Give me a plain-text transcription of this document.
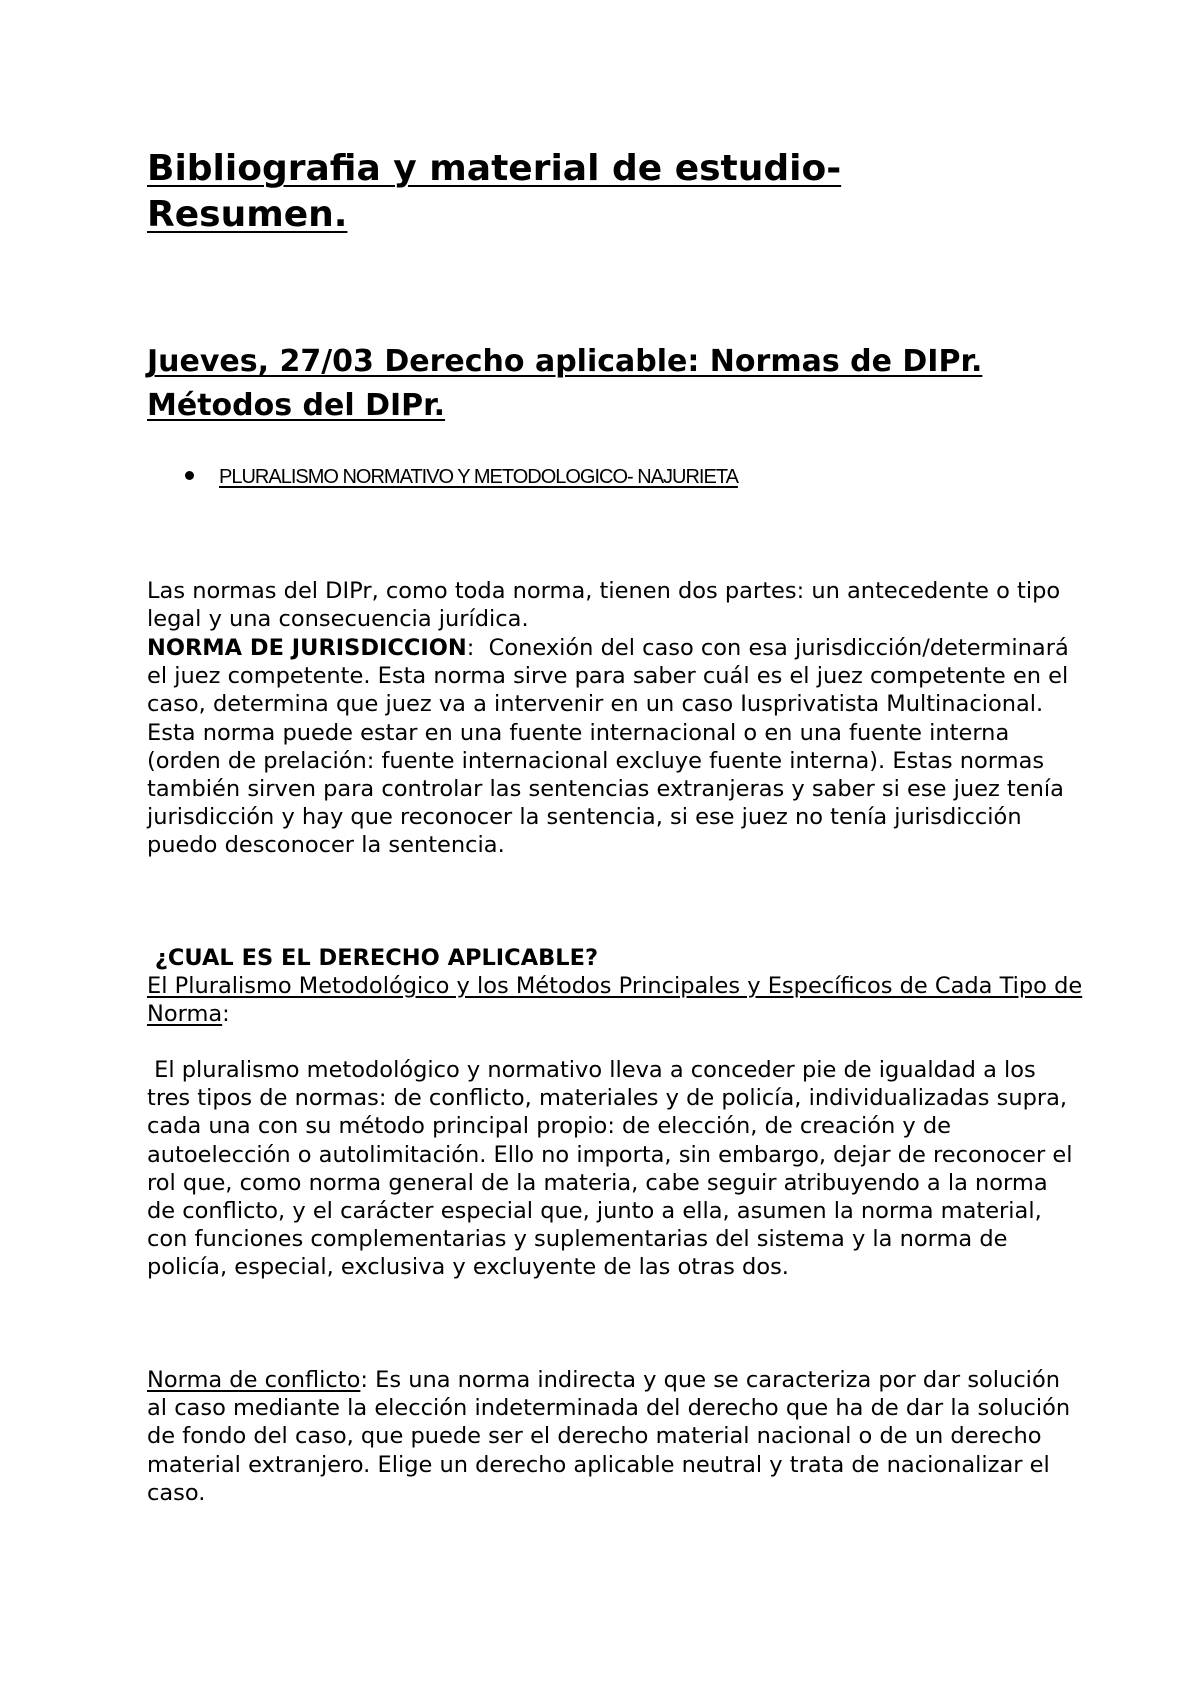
Bibliografia y material de estudio-
Resumen.
Jueves, 27/03 Derecho aplicable: Normas de DIPr.
Métodos del DIPr.
PLURALISMO NORMATIVO Y METODOLOGICO- NAJURIETA

Las normas del DIPr, como toda norma, tienen dos partes: un antecedente o tipo legal y una consecuencia jurídica.

NORMA DE JURISDICCION:  Conexión del caso con esa jurisdicción/determinará el juez competente. Esta norma sirve para saber cuál es el juez competente en el caso, determina que juez va a intervenir en un caso Iusprivatista Multinacional. Esta norma puede estar en una fuente internacional o en una fuente interna (orden de prelación: fuente internacional excluye fuente interna). Estas normas también sirven para controlar las sentencias extranjeras y saber si ese juez tenía jurisdicción y hay que reconocer la sentencia, si ese juez no tenía jurisdicción puedo desconocer la sentencia.

¿CUAL ES EL DERECHO APLICABLE?

El Pluralismo Metodológico y los Métodos Principales y Específicos de Cada Tipo de Norma:

El pluralismo metodológico y normativo lleva a conceder pie de igualdad a los tres tipos de normas: de conflicto, materiales y de policía, individualizadas supra, cada una con su método principal propio: de elección, de creación y de autoelección o autolimitación. Ello no importa, sin embargo, dejar de reconocer el rol que, como norma general de la materia, cabe seguir atribuyendo a la norma de conflicto, y el carácter especial que, junto a ella, asumen la norma material, con funciones complementarias y suplementarias del sistema y la norma de policía, especial, exclusiva y excluyente de las otras dos.

Norma de conflicto: Es una norma indirecta y que se caracteriza por dar solución al caso mediante la elección indeterminada del derecho que ha de dar la solución de fondo del caso, que puede ser el derecho material nacional o de un derecho material extranjero. Elige un derecho aplicable neutral y trata de nacionalizar el caso.
